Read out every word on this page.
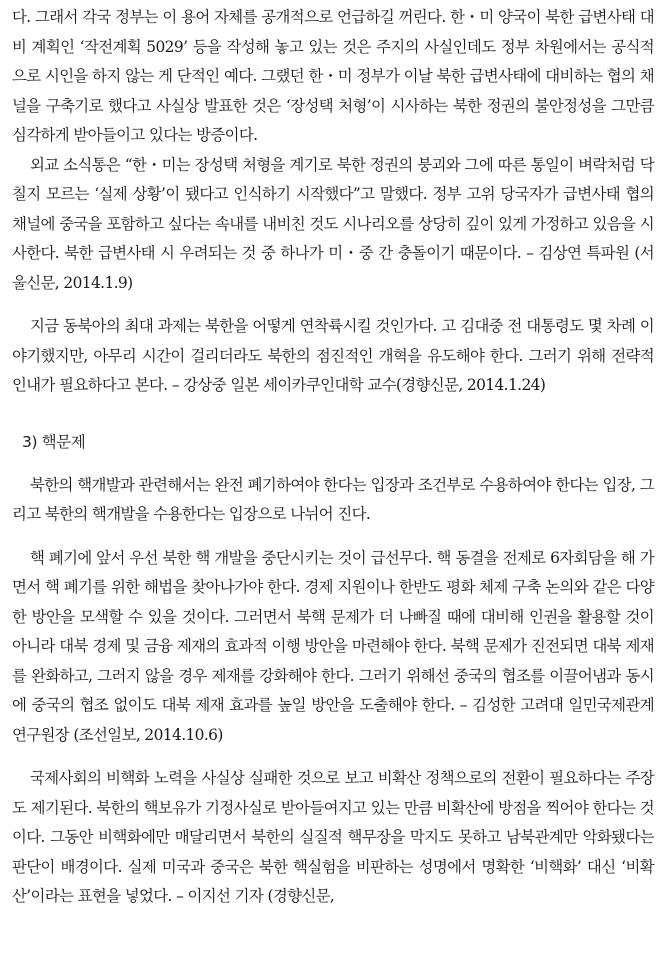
다. 그래서 각국 정부는 이 용어 자체를 공개적으로 언급하길 꺼린다. 한・미 양국이 북한 급변사태 대비 계획인 ‘작전계획 5029’ 등을 작성해 놓고 있는 것은 주지의 사실인데도 정부 차원에서는 공식적으로 시인을 하지 않는 게 단적인 예다. 그랬던 한・미 정부가 이날 북한 급변사태에 대비하는 협의 채널을 구축기로 했다고 사실상 발표한 것은 ‘장성택 처형’이 시사하는 북한 정권의 불안정성을 그만큼 심각하게 받아들이고 있다는 방증이다.

외교 소식통은 “한・미는 장성택 처형을 계기로 북한 정권의 붕괴와 그에 따른 통일이 벼락처럼 닥칠지 모르는 ‘실제 상황’이 됐다고 인식하기 시작했다”고 말했다. 정부 고위 당국자가 급변사태 협의 채널에 중국을 포함하고 싶다는 속내를 내비친 것도 시나리오를 상당히 깊이 있게 가정하고 있음을 시사한다. 북한 급변사태 시 우려되는 것 중 하나가 미・중 간 충돌이기 때문이다. – 김상연 특파원 (서울신문, 2014.1.9)

지금 동북아의 최대 과제는 북한을 어떻게 연착륙시킬 것인가다. 고 김대중 전 대통령도 몇 차례 이야기했지만, 아무리 시간이 걸리더라도 북한의 점진적인 개혁을 유도해야 한다. 그러기 위해 전략적 인내가 필요하다고 본다. – 강상중 일본 세이카쿠인대학 교수(경향신문, 2014.1.24)

3) 핵문제

북한의 핵개발과 관련해서는 완전 폐기하여야 한다는 입장과 조건부로 수용하여야 한다는 입장, 그리고 북한의 핵개발을 수용한다는 입장으로 나뉘어 진다.

핵 폐기에 앞서 우선 북한 핵 개발을 중단시키는 것이 급선무다. 핵 동결을 전제로 6자회담을 해 가면서 핵 폐기를 위한 해법을 찾아나가야 한다. 경제 지원이나 한반도 평화 체제 구축 논의와 같은 다양한 방안을 모색할 수 있을 것이다. 그러면서 북핵 문제가 더 나빠질 때에 대비해 인권을 활용할 것이 아니라 대북 경제 및 금융 제재의 효과적 이행 방안을 마련해야 한다. 북핵 문제가 진전되면 대북 제재를 완화하고, 그러지 않을 경우 제재를 강화해야 한다. 그러기 위해선 중국의 협조를 이끌어냄과 동시에 중국의 협조 없이도 대북 제재 효과를 높일 방안을 도출해야 한다. – 김성한 고려대 일민국제관계연구원장 (조선일보, 2014.10.6)

국제사회의 비핵화 노력을 사실상 실패한 것으로 보고 비확산 정책으로의 전환이 필요하다는 주장도 제기된다. 북한의 핵보유가 기정사실로 받아들여지고 있는 만큼 비확산에 방점을 찍어야 한다는 것이다. 그동안 비핵화에만 매달리면서 북한의 실질적 핵무장을 막지도 못하고 남북관계만 악화됐다는 판단이 배경이다. 실제 미국과 중국은 북한 핵실험을 비판하는 성명에서 명확한 ‘비핵화’ 대신 ‘비확산’이라는 표현을 넣었다. – 이지선 기자 (경향신문,
